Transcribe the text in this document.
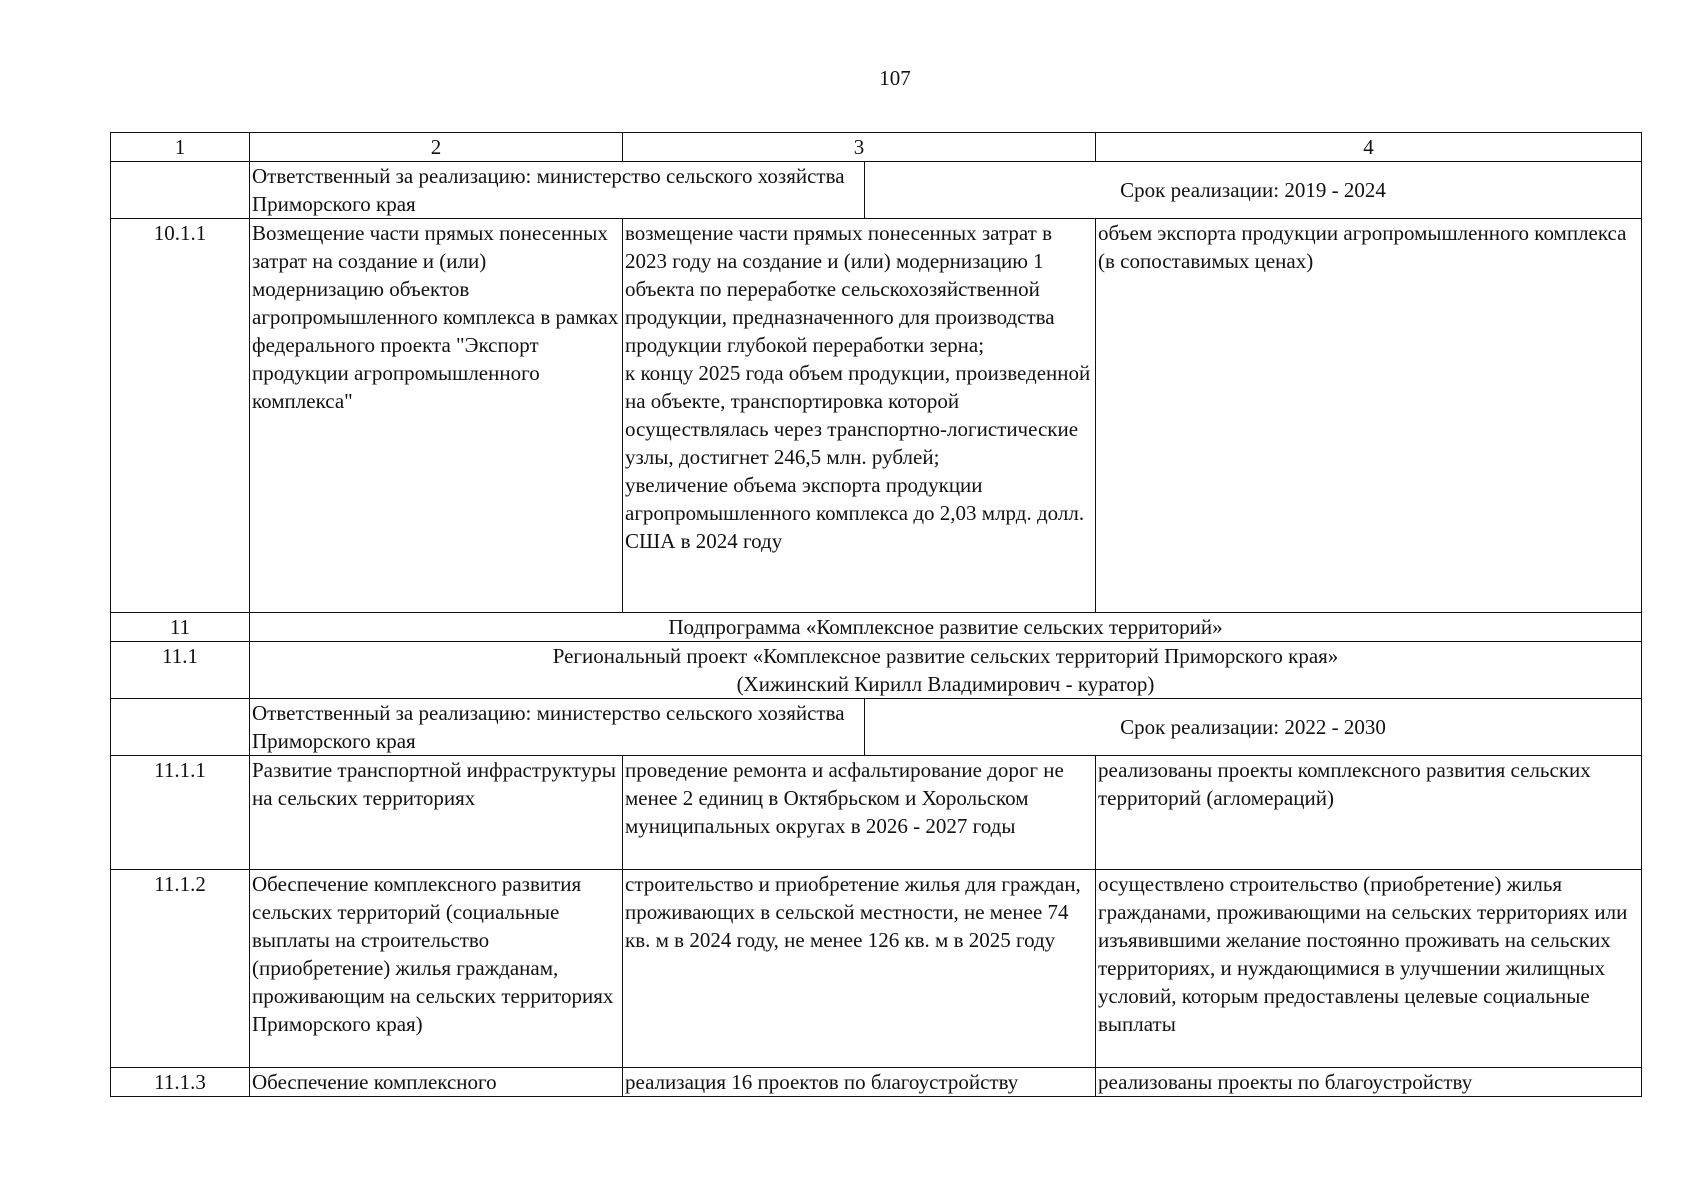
107
1	2	3	4

	Ответственный за реализацию: министерство сельского хозяйства Приморского края
Срок реализации: 2019 - 2024		

10.1.1	Возмещение части прямых понесенных затрат на создание и (или) модернизацию объектов агропромышленного комплекса в рамках федерального проекта "Экспорт продукции агропромышленного комплекса"	возмещение части прямых понесенных затрат в 2023 году на создание и (или) модернизацию 1 объекта по переработке сельскохозяйственной продукции, предназначенного для производства продукции глубокой переработки зерна;
к концу 2025 года объем продукции, произведенной на объекте, транспортировка которой осуществлялась через транспортно-логистические узлы, достигнет 246,5 млн. рублей;
увеличение объема экспорта продукции агропромышленного комплекса до 2,03 млрд. долл. США в 2024 году	объем экспорта продукции агропромышленного комплекса (в сопоставимых ценах)
11	Подпрограмма «Комплексное развитие сельских территорий»		
11.1	Региональный проект «Комплексное развитие сельских территорий Приморского края»
(Хижинский Кирилл Владимирович - куратор)		

	Ответственный за реализацию: министерство сельского хозяйства Приморского края
Срок реализации: 2022 - 2030		

11.1.1	Развитие транспортной инфраструктуры на сельских территориях	проведение ремонта и асфальтирование дорог не менее 2 единиц в Октябрьском и Хорольском муниципальных округах в 2026 - 2027 годы	реализованы проекты комплексного развития сельских территорий (агломераций)
11.1.2	Обеспечение комплексного развития сельских территорий (социальные выплаты на строительство (приобретение) жилья гражданам, проживающим на сельских территориях Приморского края)	строительство и приобретение жилья для граждан, проживающих в сельской местности, не менее 74 кв. м в 2024 году, не менее 126 кв. м в 2025 году	осуществлено строительство (приобретение) жилья гражданами, проживающими на сельских территориях или изъявившими желание постоянно проживать на сельских территориях, и нуждающимися в улучшении жилищных условий, которым предоставлены целевые социальные выплаты
11.1.3	Обеспечение комплексного	реализация 16 проектов по благоустройству	реализованы проекты по благоустройству
